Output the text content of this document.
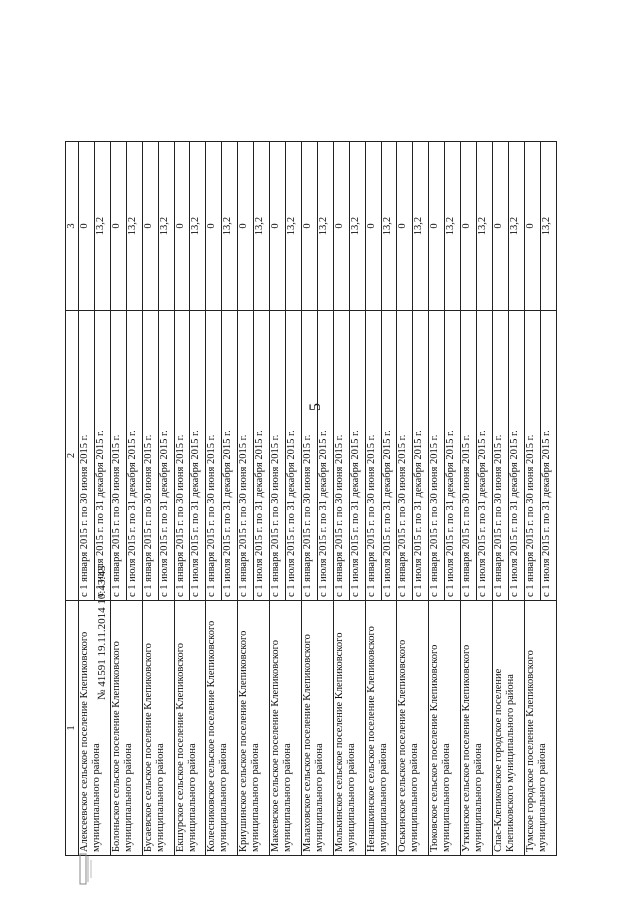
5
1	2	3
Алексеевское сельское поселение Клепиковского муниципального района	с 1 января 2015 г. по 30 июня 2015 г.	0
	с 1 июля 2015 г. по 31 декабря 2015 г.	13,2
Болоньское сельское поселение Клепиковского муниципального района	с 1 января 2015 г. по 30 июня 2015 г.	0
	с 1 июля 2015 г. по 31 декабря 2015 г.	13,2
Бусаевское сельское поселение Клепиковского муниципального района	с 1 января 2015 г. по 30 июня 2015 г.	0
	с 1 июля 2015 г. по 31 декабря 2015 г.	13,2
Екшурское сельское поселение Клепиковского муниципального района	с 1 января 2015 г. по 30 июня 2015 г.	0
	с 1 июля 2015 г. по 31 декабря 2015 г.	13,2
Колесниковское сельское поселение Клепиковского муниципального района	с 1 января 2015 г. по 30 июня 2015 г.	0
	с 1 июля 2015 г. по 31 декабря 2015 г.	13,2
Криушинское сельское поселение Клепиковского муниципального района	с 1 января 2015 г. по 30 июня 2015 г.	0
	с 1 июля 2015 г. по 31 декабря 2015 г.	13,2
Макеевское сельское поселение Клепиковского муниципального района	с 1 января 2015 г. по 30 июня 2015 г.	0
	с 1 июля 2015 г. по 31 декабря 2015 г.	13,2
Малаховское сельское поселение Клепиковского муниципального района	с 1 января 2015 г. по 30 июня 2015 г.	0
	с 1 июля 2015 г. по 31 декабря 2015 г.	13,2
Молькинское сельское поселение Клепиковского муниципального района	с 1 января 2015 г. по 30 июня 2015 г.	0
	с 1 июля 2015 г. по 31 декабря 2015 г.	13,2
Ненашкинское сельское поселение Клепиковского муниципального района	с 1 января 2015 г. по 30 июня 2015 г.	0
	с 1 июля 2015 г. по 31 декабря 2015 г.	13,2
Оськинское сельское поселение Клепиковского муниципального района	с 1 января 2015 г. по 30 июня 2015 г.	0
	с 1 июля 2015 г. по 31 декабря 2015 г.	13,2
Тюковское сельское поселение Клепиковского муниципального района	с 1 января 2015 г. по 30 июня 2015 г.	0
	с 1 июля 2015 г. по 31 декабря 2015 г.	13,2
Уткинское сельское поселение Клепиковского муниципального района	с 1 января 2015 г. по 30 июня 2015 г.	0
	с 1 июля 2015 г. по 31 декабря 2015 г.	13,2
Спас-Клепиковское городское поселение Клепиковского муниципального района	с 1 января 2015 г. по 30 июня 2015 г.	0
	с 1 июля 2015 г. по 31 декабря 2015 г.	13,2
Тумское городское поселение Клепиковского муниципального района	с 1 января 2015 г. по 30 июня 2015 г.	0
	с 1 июля 2015 г. по 31 декабря 2015 г.	13,2
№ 41591 19.11.2014 10:43:43
